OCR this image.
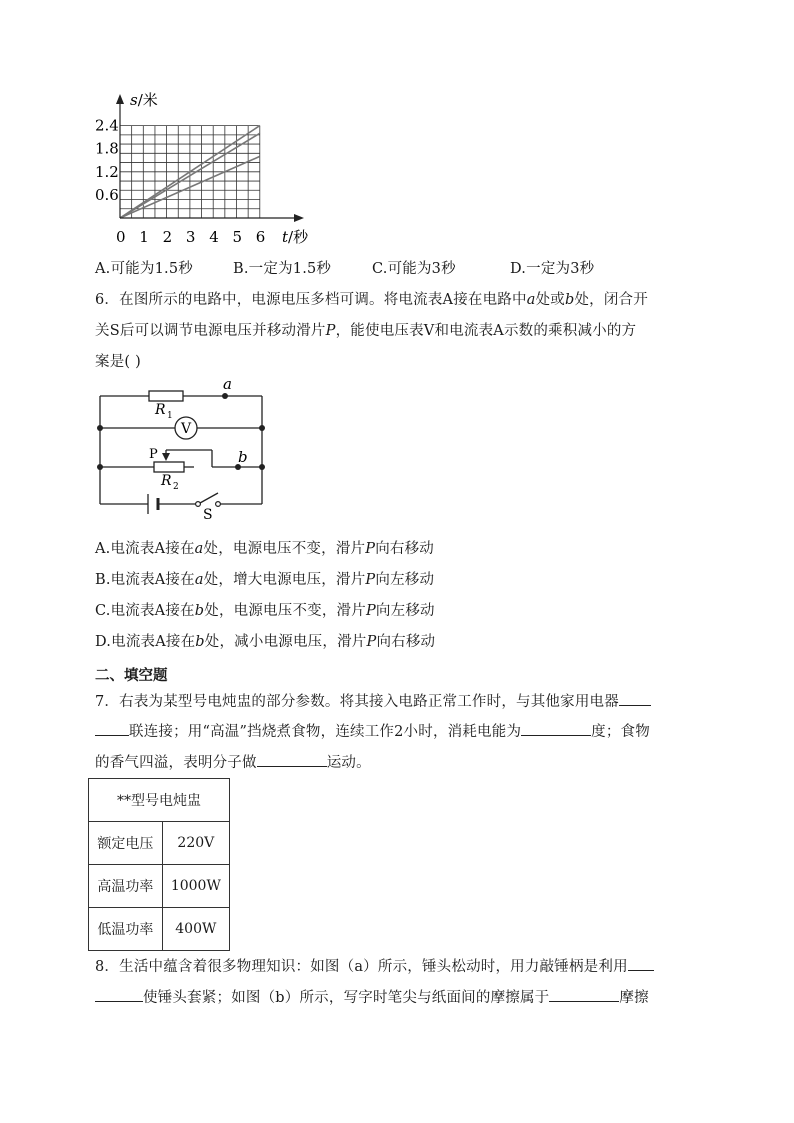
0 1 2 3 4 5 6
0.6
1.2
1.8
2.4
s/米
t/秒
A.可能为1.5秒	B.一定为1.5秒	C.可能为3秒	D.一定为3秒
6．在图所示的电路中，电源电压多档可调。将电流表A接在电路中a处或b处，闭合开
关S后可以调节电源电压并移动滑片P，能使电压表V和电流表A示数的乘积减小的方
案是( )
V
a
b
R 1
P
R 2
S
A.电流表A接在a处，电源电压不变，滑片P向右移动
B.电流表A接在a处，增大电源电压，滑片P向左移动
C.电流表A接在b处，电源电压不变，滑片P向左移动
D.电流表A接在b处，减小电源电压，滑片P向右移动
二、填空题
7．右表为某型号电炖盅的部分参数。将其接入电路正常工作时，与其他家用电器
联连接；用“高温”挡烧煮食物，连续工作2小时，消耗电能为	度；食物
的香气四溢，表明分子做	运动。
**型号电炖盅	
额定电压	220V
高温功率	1000W
低温功率	400W
8．生活中蕴含着很多物理知识：如图（a）所示，锤头松动时，用力敲锤柄是利用
使锤头套紧；如图（b）所示，写字时笔尖与纸面间的摩擦属于	摩擦
